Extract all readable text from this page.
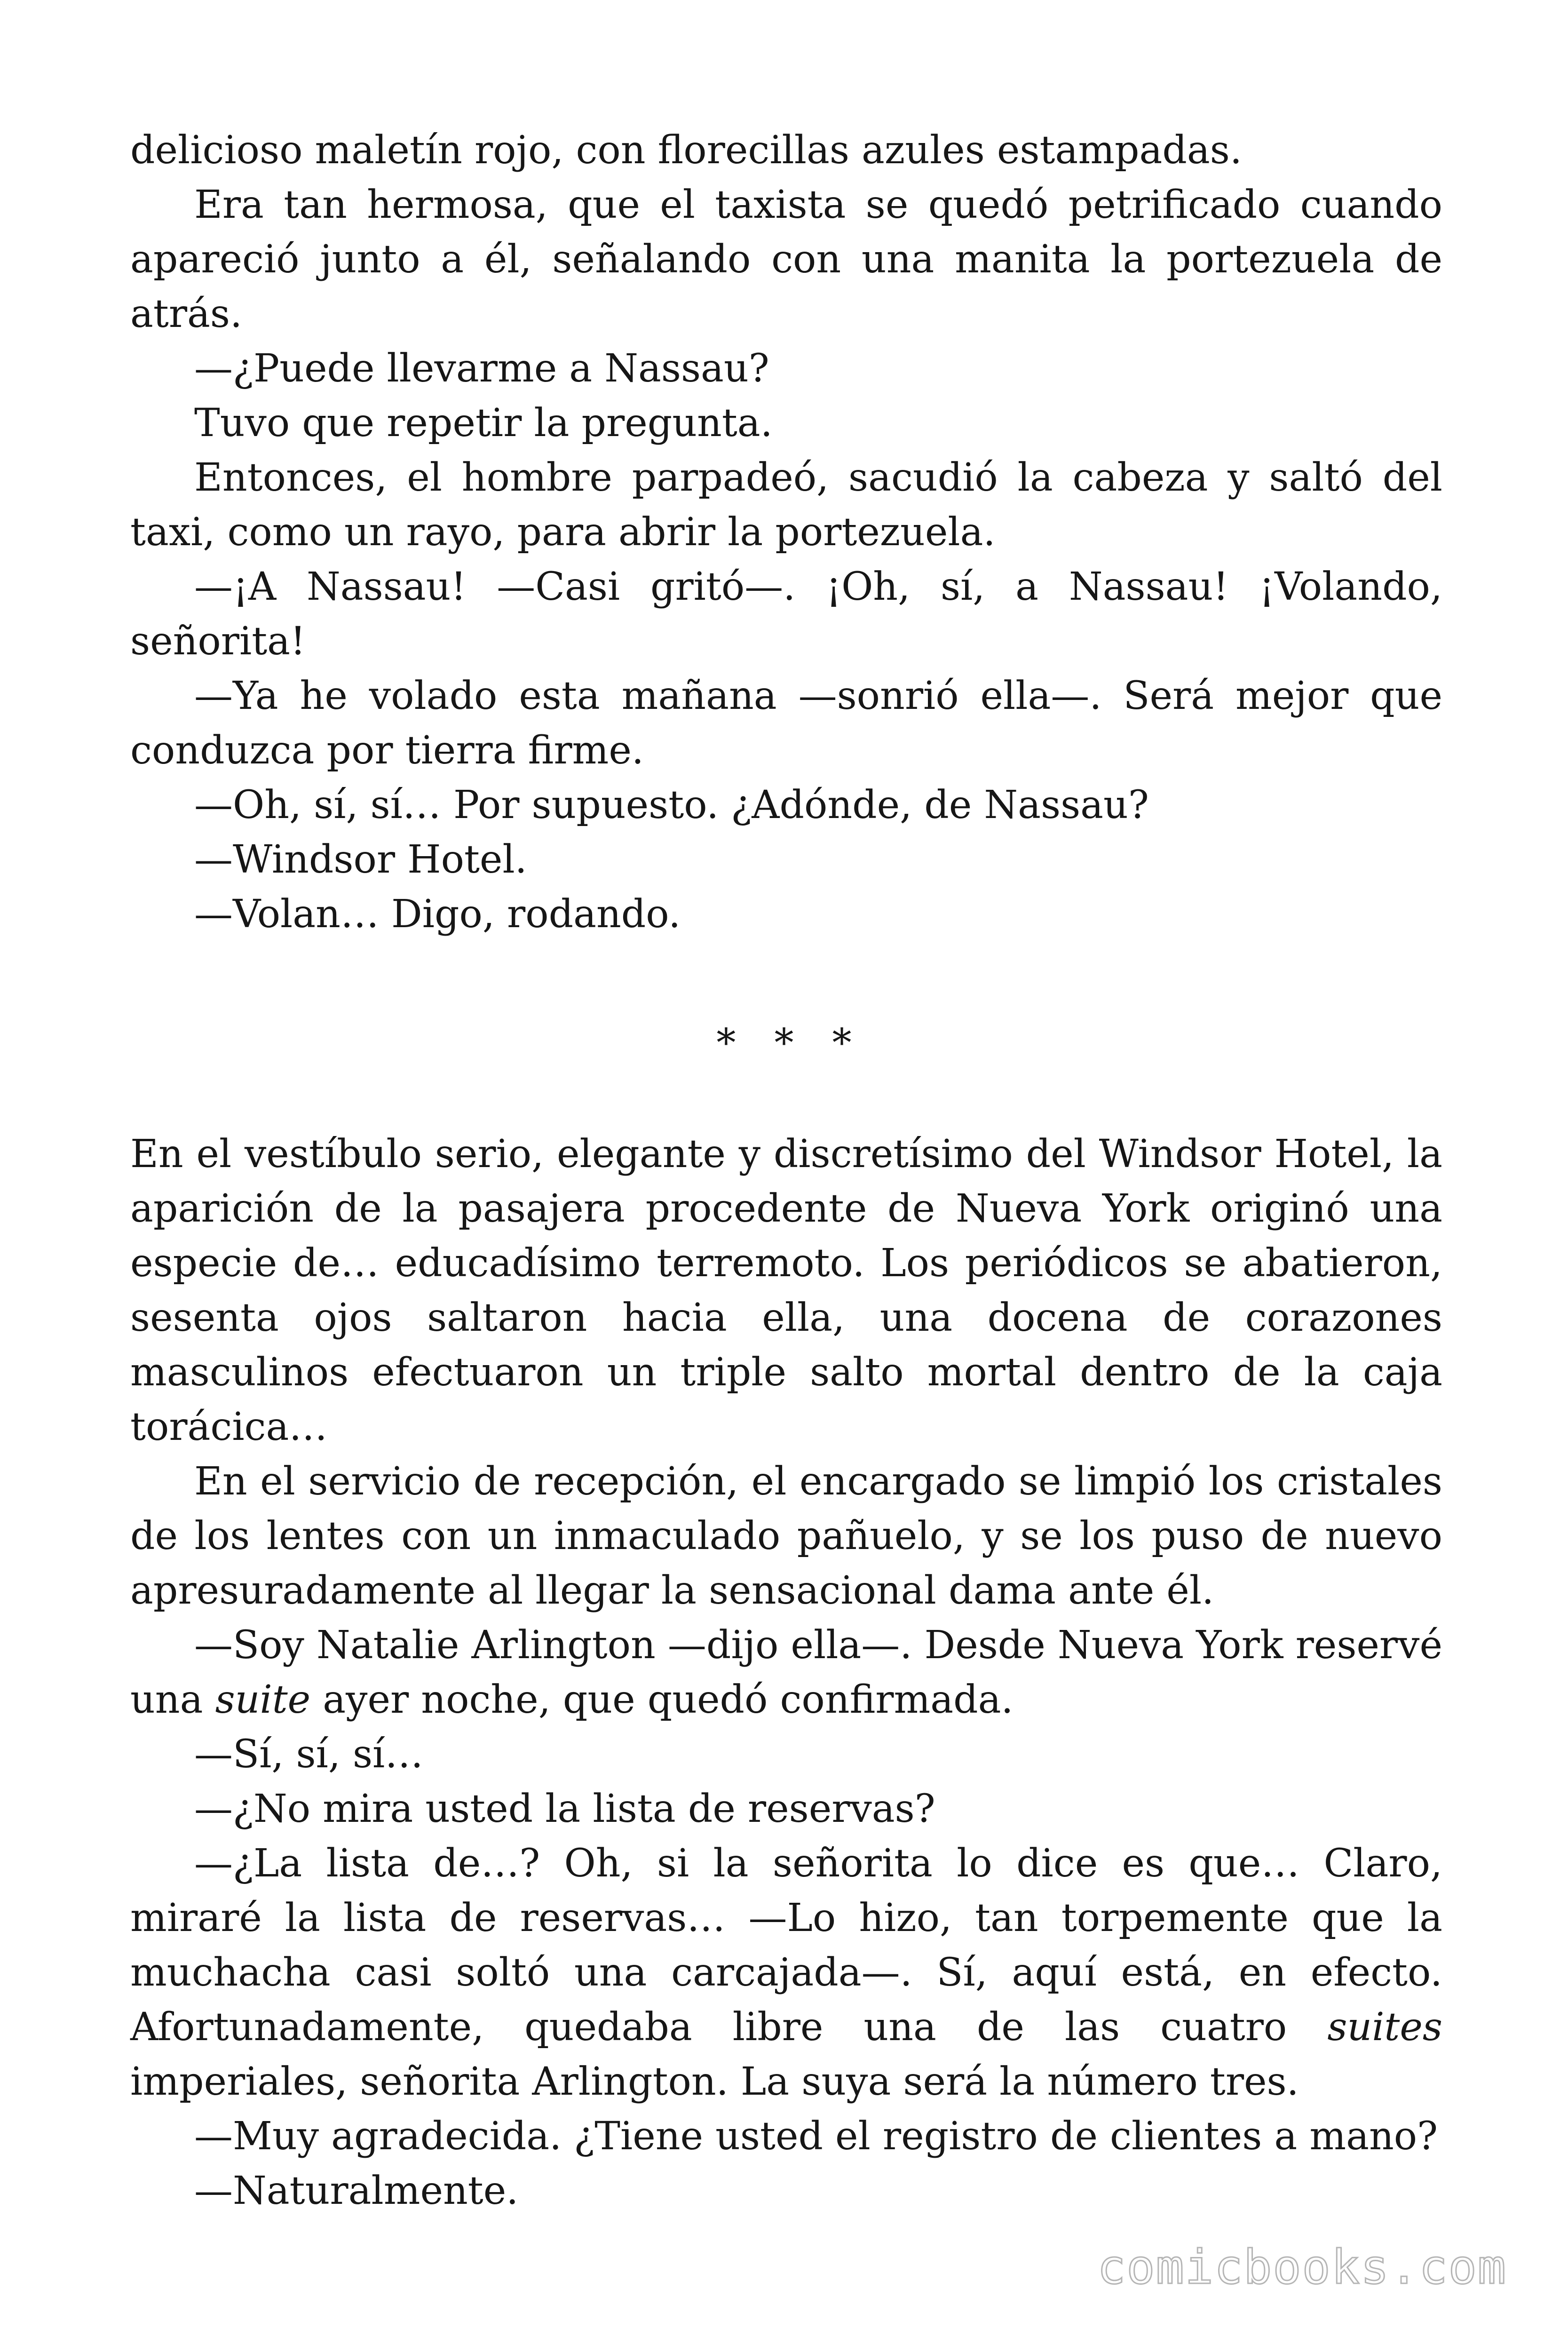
delicioso maletín rojo, con florecillas azules estampadas.

Era tan hermosa, que el taxista se quedó petrificado cuando apareció junto a él, señalando con una manita la portezuela de atrás.

—¿Puede llevarme a Nassau?

Tuvo que repetir la pregunta.

Entonces, el hombre parpadeó, sacudió la cabeza y saltó del taxi, como un rayo, para abrir la portezuela.

—¡A Nassau! —Casi gritó—. ¡Oh, sí, a Nassau! ¡Volando, señorita!

—Ya he volado esta mañana —sonrió ella—. Será mejor que conduzca por tierra firme.

—Oh, sí, sí… Por supuesto. ¿Adónde, de Nassau?

—Windsor Hotel.

—Volan… Digo, rodando.

* * *

En el vestíbulo serio, elegante y discretísimo del Windsor Hotel, la aparición de la pasajera procedente de Nueva York originó una especie de… educadísimo terremoto. Los periódicos se abatieron, sesenta ojos saltaron hacia ella, una docena de corazones masculinos efectuaron un triple salto mortal dentro de la caja torácica…

En el servicio de recepción, el encargado se limpió los cristales de los lentes con un inmaculado pañuelo, y se los puso de nuevo apresuradamente al llegar la sensacional dama ante él.

—Soy Natalie Arlington —dijo ella—. Desde Nueva York reservé una suite ayer noche, que quedó confirmada.

—Sí, sí, sí…

—¿No mira usted la lista de reservas?

—¿La lista de…? Oh, si la señorita lo dice es que… Claro, miraré la lista de reservas… —Lo hizo, tan torpemente que la muchacha casi soltó una carcajada—. Sí, aquí está, en efecto. Afortunadamente, quedaba libre una de las cuatro suites imperiales, señorita Arlington. La suya será la número tres.

—Muy agradecida. ¿Tiene usted el registro de clientes a mano?

—Naturalmente.

comicbooks.com
